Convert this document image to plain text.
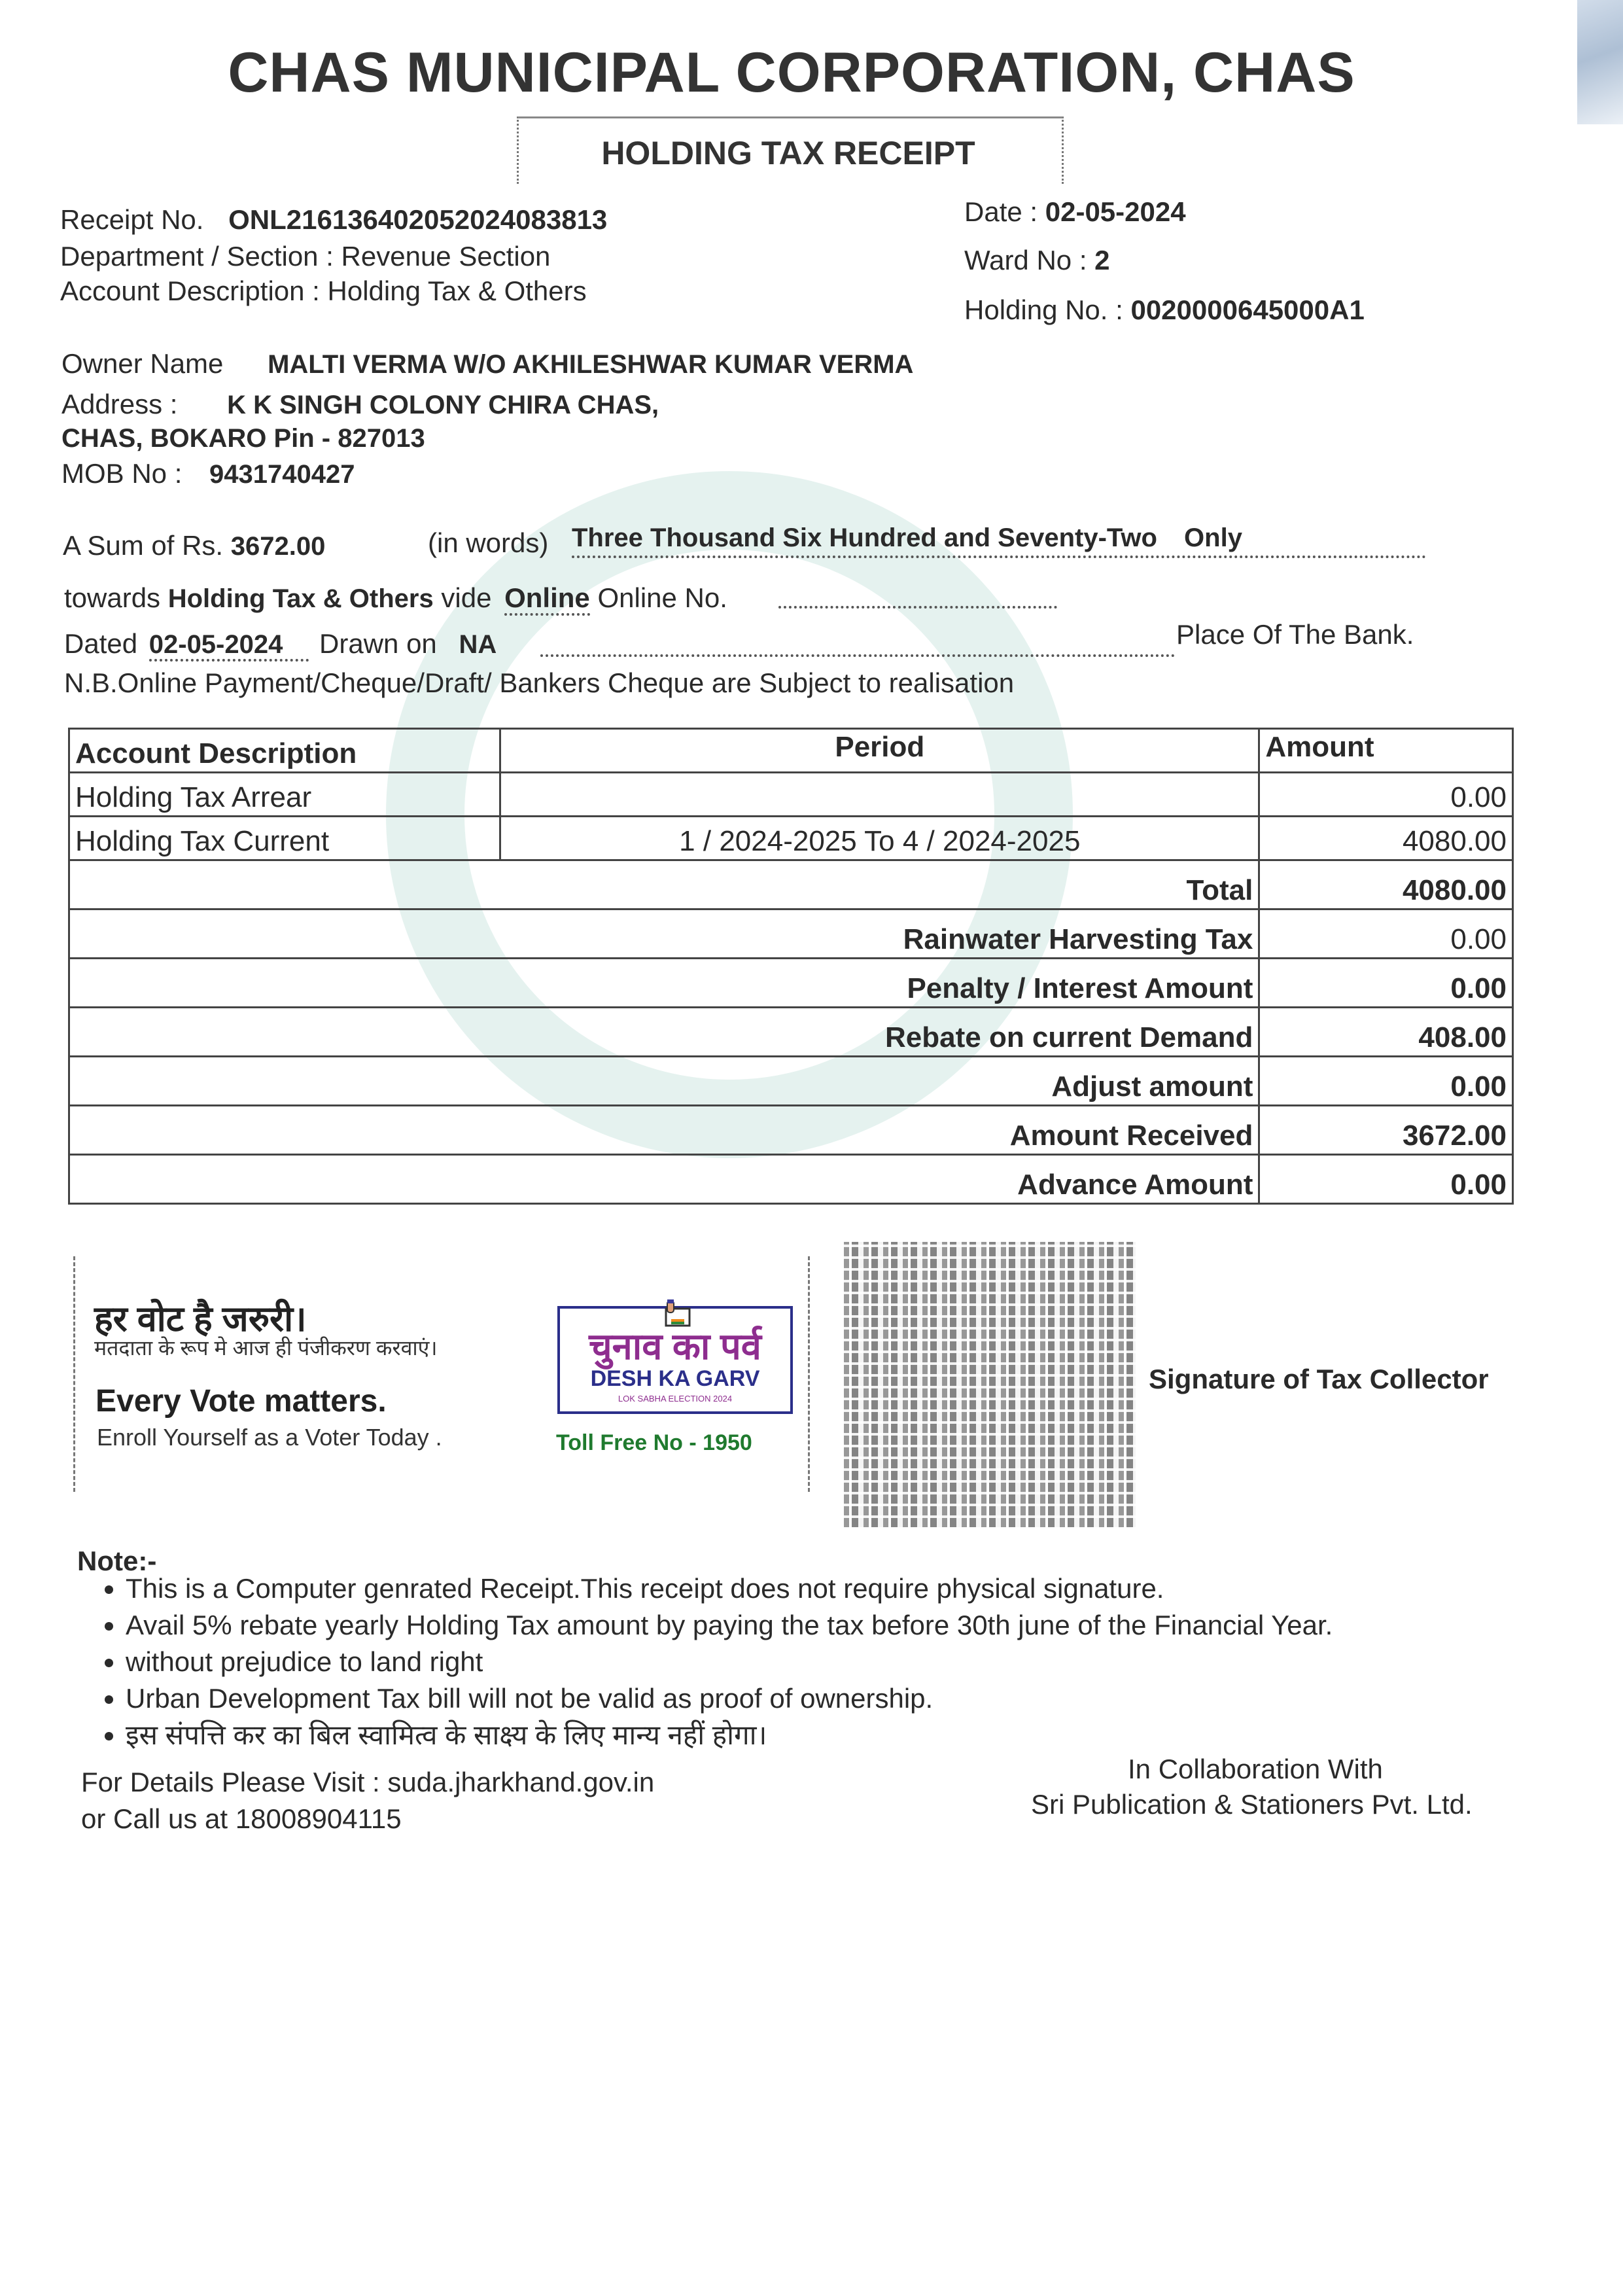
CHAS MUNICIPAL CORPORATION, CHAS
HOLDING TAX RECEIPT
Receipt No. ONL216136402052024083813
Department / Section : Revenue Section
Account Description : Holding Tax & Others
Date : 02-05-2024
Ward No : 2
Holding No. : 0020000645000A1
Owner Name MALTI VERMA W/O AKHILESHWAR KUMAR VERMA
Address : K K SINGH COLONY CHIRA CHAS,
CHAS, BOKARO Pin - 827013
MOB No : 9431740427
A Sum of Rs. 3672.00	(in words) Three Thousand Six Hundred and Seventy-Two Only
towards Holding Tax & Others vide Online Online No.
Dated 02-05-2024 Drawn on NA	Place Of The Bank.
N.B.Online Payment/Cheque/Draft/ Bankers Cheque are Subject to realisation
Account Description	Period	Amount
Holding Tax Arrear		0.00
Holding Tax Current	1 / 2024-2025 To 4 / 2024-2025	4080.00
Total		4080.00
Rainwater Harvesting Tax		0.00
Penalty / Interest Amount		0.00
Rebate on current Demand		408.00
Adjust amount		0.00
Amount Received		3672.00
Advance Amount		0.00
हर वोट है जरुरी।
मतदाता के रूप मे आज ही पंजीकरण करवाएं।
Every Vote matters.
Enroll Yourself as a Voter Today .
चुनाव का पर्व
DESH KA GARV
LOK SABHA ELECTION 2024
Toll Free No - 1950
Signature of Tax Collector
Note:-
• This is a Computer genrated Receipt.This receipt does not require physical signature.
• Avail 5% rebate yearly Holding Tax amount by paying the tax before 30th june of the Financial Year.
• without prejudice to land right
• Urban Development Tax bill will not be valid as proof of ownership.
• इस संपत्ति कर का बिल स्वामित्व के साक्ष्य के लिए मान्य नहीं होगा।
For Details Please Visit : suda.jharkhand.gov.in
or Call us at 18008904115
In Collaboration With
Sri Publication & Stationers Pvt. Ltd.
